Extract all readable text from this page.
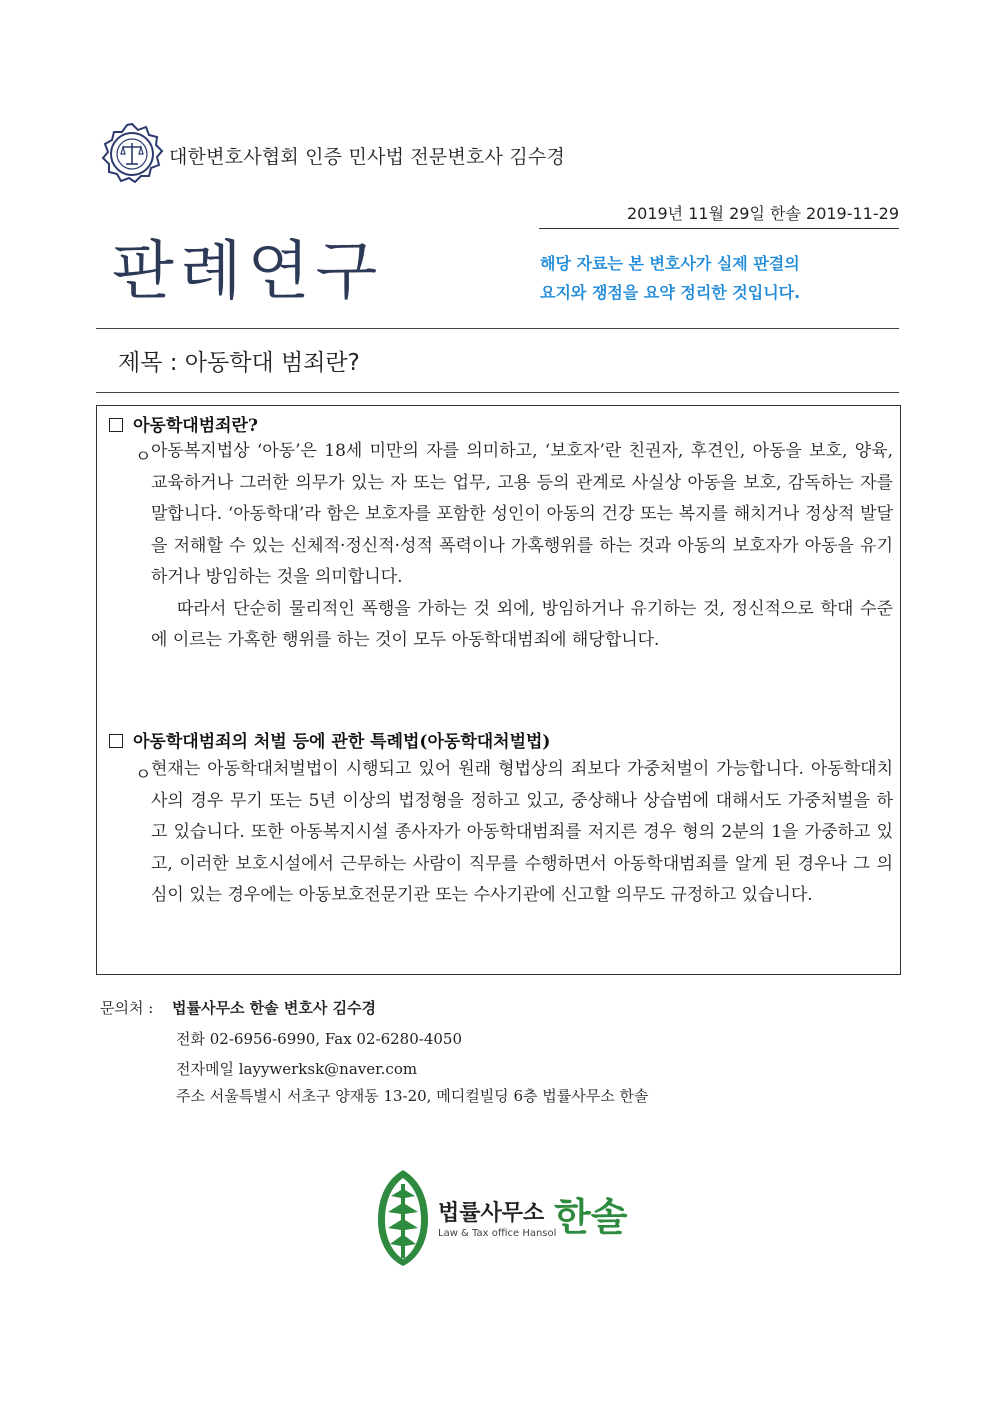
대한변호사협회 인증 민사법 전문변호사 김수경
2019년 11월 29일 한솔 2019-11-29
판례연구	해당 자료는 본 변호사가 실제 판결의
요지와 쟁점을 요약 정리한 것입니다.
제목 : 아동학대 범죄란?
아동학대범죄란?
ㅇ 아동복지법상 ‘아동’은 18세 미만의 자를 의미하고, ‘보호자’란 친권자, 후견인, 아동을 보호, 양육, 교육하거나 그러한 의무가 있는 자 또는 업무, 고용 등의 관계로 사실상 아동을 보호, 감독하는 자를 말합니다. ‘아동학대’라 함은 보호자를 포함한 성인이 아동의 건강 또는 복지를 해치거나 정상적 발달을 저해할 수 있는 신체적·정신적·성적 폭력이나 가혹행위를 하는 것과 아동의 보호자가 아동을 유기하거나 방임하는 것을 의미합니다.

따라서 단순히 물리적인 폭행을 가하는 것 외에, 방임하거나 유기하는 것, 정신적으로 학대 수준에 이르는 가혹한 행위를 하는 것이 모두 아동학대범죄에 해당합니다.

아동학대범죄의 처벌 등에 관한 특례법(아동학대처벌법)
ㅇ 현재는 아동학대처벌법이 시행되고 있어 원래 형법상의 죄보다 가중처벌이 가능합니다. 아동학대치사의 경우 무기 또는 5년 이상의 법정형을 정하고 있고, 중상해나 상습범에 대해서도 가중처벌을 하고 있습니다. 또한 아동복지시설 종사자가 아동학대범죄를 저지른 경우 형의 2분의 1을 가중하고 있고, 이러한 보호시설에서 근무하는 사람이 직무를 수행하면서 아동학대범죄를 알게 된 경우나 그 의심이 있는 경우에는 아동보호전문기관 또는 수사기관에 신고할 의무도 규정하고 있습니다.

문의처 : 법률사무소 한솔 변호사 김수경
전화 02-6956-6990, Fax 02-6280-4050
전자메일 layywerksk@naver.com
주소 서울특별시 서초구 양재동 13-20, 메디컬빌딩 6층 법률사무소 한솔
법률사무소 한솔
Law & Tax office Hansol
